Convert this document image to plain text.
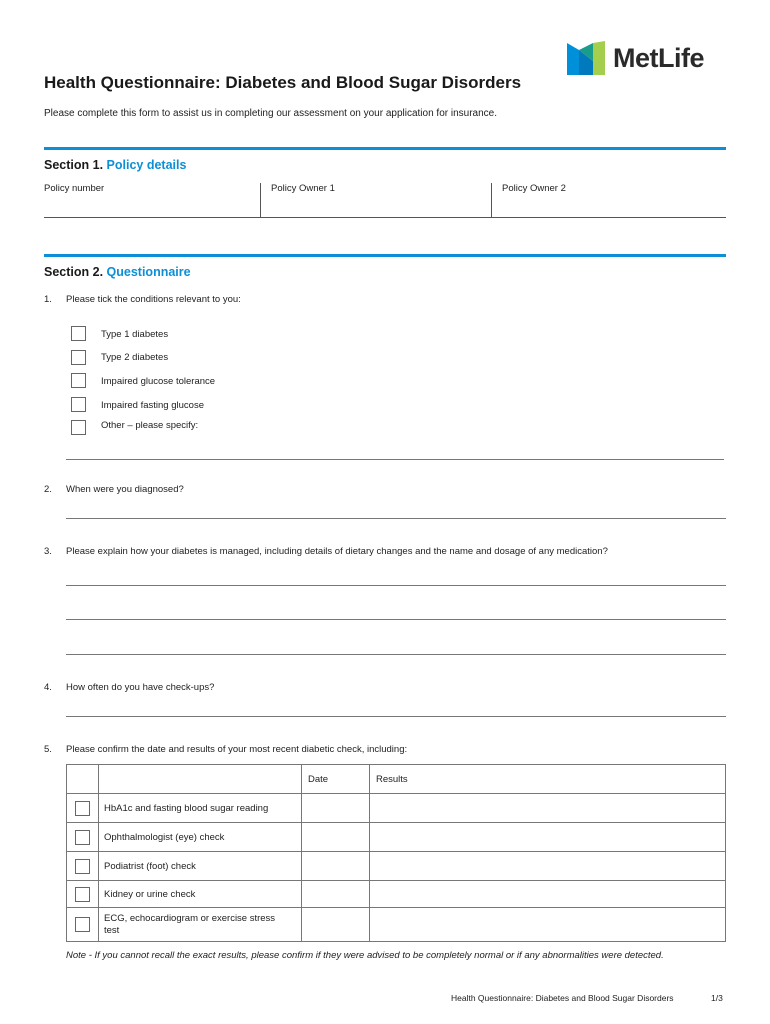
MetLife
Health Questionnaire: Diabetes and Blood Sugar Disorders
Please complete this form to assist us in completing our assessment on your application for insurance.
Section 1. Policy details
Policy number	Policy Owner 1	Policy Owner 2
Section 2. Questionnaire
1. Please tick the conditions relevant to you:
Type 1 diabetes
Type 2 diabetes
Impaired glucose tolerance
Impaired fasting glucose
Other – please specify:
2. When were you diagnosed?
3. Please explain how your diabetes is managed, including details of dietary changes and the name and dosage of any medication?
4. How often do you have check-ups?
5. Please confirm the date and results of your most recent diabetic check, including:
		Date	Results
	HbA1c and fasting blood sugar reading		
	Ophthalmologist (eye) check		
	Podiatrist (foot) check		
	Kidney or urine check		
	ECG, echocardiogram or exercise stress test		
Note - If you cannot recall the exact results, please confirm if they were advised to be completely normal or if any abnormalities were detected.
Health Questionnaire: Diabetes and Blood Sugar Disorders	1/3
